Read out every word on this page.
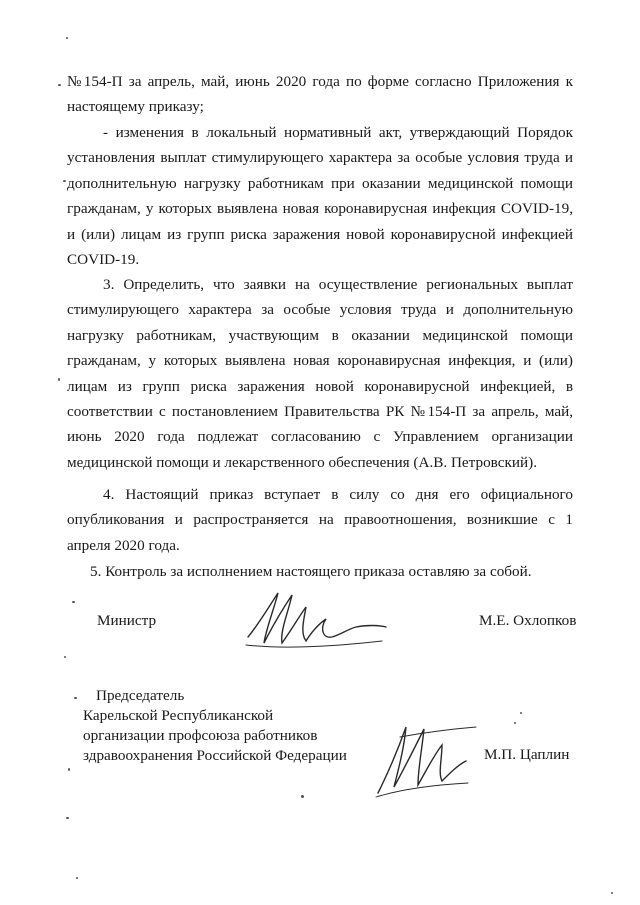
№154-П за апрель, май, июнь 2020 года по форме согласно Приложения к настоящему приказу;

- изменения в локальный нормативный акт, утверждающий Порядок установления выплат стимулирующего характера за особые условия труда и дополнительную нагрузку работникам при оказании медицинской помощи гражданам, у которых выявлена новая коронавирусная инфекция COVID-19, и (или) лицам из групп риска заражения новой коронавирусной инфекцией COVID-19.

3. Определить, что заявки на осуществление региональных выплат стимулирующего характера за особые условия труда и дополнительную нагрузку работникам, участвующим в оказании медицинской помощи гражданам, у которых выявлена новая коронавирусная инфекция, и (или) лицам из групп риска заражения новой коронавирусной инфекцией, в соответствии с постановлением Правительства РК №154-П за апрель, май, июнь 2020 года подлежат согласованию с Управлением организации медицинской помощи и лекарственного обеспечения (А.В. Петровский).

4. Настоящий приказ вступает в силу со дня его официального опубликования и распространяется на правоотношения, возникшие с 1 апреля 2020 года.

5. Контроль за исполнением настоящего приказа оставляю за собой.

Министр	М.Е. Охлопков
Председатель
Карельской Республиканской
организации профсоюза работников
здравоохранения Российской Федерации	М.П. Цаплин
